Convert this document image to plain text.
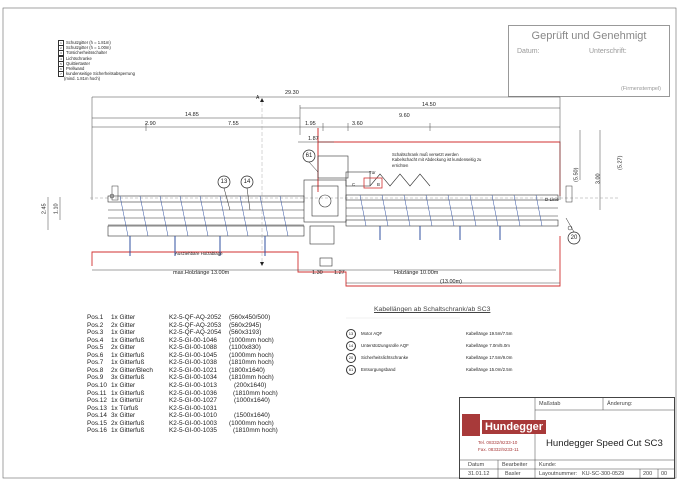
1 Schutzgitter (h = 1.81m)
2 Schutzgitter (h = 1.00m)
3 Türsicherheitsschalter
4 Lichtschranke
5 Quittiertaster
6 Prellwand
7 kundenseitige Sicherheitsabsperrung
(mind. 1.81m hoch)
Geprüft und Genehmigt
Datum:	Unterschrift:
(Firmenstempel)
29.30
14.50
14.85
2.90	7.55	1.95	3.60
9.60
1.87
max.Holzlänge 13.00m	1.30 1.27	Holzlänge 10.00m
(13.00m)
2.45 1.10
(5.50)	3.00
(5.27)
A
13	14
61
20
Schaltschrank muß versetzt werden
Kabelschacht mit Abdeckung ist kundenseitig zu
errichten
Ausziehbare Holzablage
D-Linie
Tür
B
C
Pos.1 1x Gitter	K2-5-QF-AQ-2052 (560x450/500)
Pos.2 2x Gitter	K2-5-QF-AQ-2053 (560x2945)
Pos.3 1x Gitter	K2-5-QF-AQ-2054 (560x3193)
Pos.4 1x Gitterfuß	K2-5-GI-00-1046 (1000mm hoch)
Pos.5 2x Gitter	K2-5-GI-00-1088 (1100x830)
Pos.6 1x Gitterfuß	K2-5-GI-00-1045 (1000mm hoch)
Pos.7 1x Gitterfuß	K2-5-GI-00-1038 (1810mm hoch)
Pos.8 2x Gitter/Blech	K2-5-GI-00-1021 (1800x1640)
Pos.9 3x Gitterfuß	K2-5-GI-00-1034 (1810mm hoch)
Pos.10 1x Gitter	K2-5-GI-00-1013	(200x1640)
Pos.11 1x Gitterfuß	K2-5-GI-00-1036	(1810mm hoch)
Pos.12 1x Gittertür	K2-5-GI-00-1027	(1000x1640)
Pos.13 1x Türfuß	K2-5-GI-00-1031
Pos.14 3x Gitter	K2-5-GI-00-1010	(1500x1640)
Pos.15 2x Gitterfuß	K2-5-GI-00-1003 (1000mm hoch)
Pos.16 1x Gitterfuß	K2-5-GI-00-1035	(1810mm hoch)
Kabellängen ab Schaltschrank/ab SC3
13	Motor AQF	Kabellänge 19.5m/7.5m
14	Unterstützungsrolle AQF	Kabellänge 7.0m/5.0m
20	Sicherheitslichtschranke	Kabellänge 17.5m/9.0m
61	Entsorgungsband	Kabellänge 15.0m/2.5m
Maßstab	Änderung:
Hundegger
Tel. 08332/9233-10
Fax. 08332/9233-11
Hundegger Speed Cut SC3
Datum	Bearbeiter Kunde:
31.01.12	Basler	Layoutnummer: KU-SC-300-0529	200 00
